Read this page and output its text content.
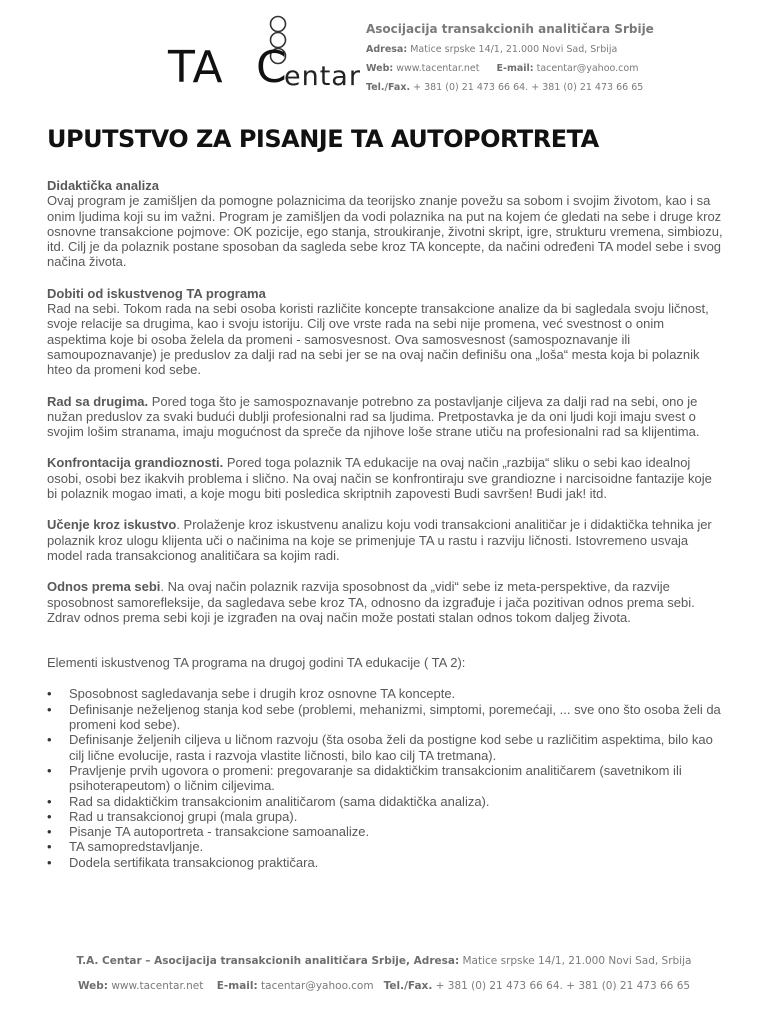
TA C
entar
Asocijacija transakcionih analitičara Srbije
Adresa: Matice srpske 14/1, 21.000 Novi Sad, Srbija
Web: www.tacentar.net E-mail: tacentar@yahoo.com
Tel./Fax. + 381 (0) 21 473 66 64. + 381 (0) 21 473 66 65
UPUTSTVO ZA PISANJE TA AUTOPORTRETA

Didaktička analiza
Ovaj program je zamišljen da pomogne polaznicima da teorijsko znanje povežu sa sobom i svojim životom, kao i sa onim ljudima koji su im važni. Program je zamišljen da vodi polaznika na put na kojem će gledati na sebe i druge kroz osnovne transakcione pojmove: OK pozicije, ego stanja, stroukiranje, životni skript, igre, strukturu vremena, simbiozu, itd. Cilj je da polaznik postane sposoban da sagleda sebe kroz TA koncepte, da načini određeni TA model sebe i svog načina života.

Dobiti od iskustvenog TA programa
Rad na sebi. Tokom rada na sebi osoba koristi različite koncepte transakcione analize da bi sagledala svoju ličnost, svoje relacije sa drugima, kao i svoju istoriju. Cilj ove vrste rada na sebi nije promena, već svestnost o onim aspektima koje bi osoba želela da promeni - samosvesnost. Ova samosvesnost (samospoznavanje ili samoupoznavanje) je preduslov za dalji rad na sebi jer se na ovaj način definišu ona „loša“ mesta koja bi polaznik hteo da promeni kod sebe.

Rad sa drugima. Pored toga što je samospoznavanje potrebno za postavljanje ciljeva za dalji rad na sebi, ono je nužan preduslov za svaki budući dublji profesionalni rad sa ljudima. Pretpostavka je da oni ljudi koji imaju svest o svojim lošim stranama, imaju mogućnost da spreče da njihove loše strane utiču na profesionalni rad sa klijentima.

Konfrontacija grandioznosti. Pored toga polaznik TA edukacije na ovaj način „razbija“ sliku o sebi kao idealnoj osobi, osobi bez ikakvih problema i slično. Na ovaj način se konfrontiraju sve grandiozne i narcisoidne fantazije koje bi polaznik mogao imati, a koje mogu biti posledica skriptnih zapovesti Budi savršen! Budi jak! itd.

Učenje kroz iskustvo. Prolaženje kroz iskustvenu analizu koju vodi transakcioni analitičar je i didaktička tehnika jer polaznik kroz ulogu klijenta uči o načinima na koje se primenjuje TA u rastu i razviju ličnosti. Istovremeno usvaja model rada transakcionog analitičara sa kojim radi.

Odnos prema sebi. Na ovaj način polaznik razvija sposobnost da „vidi“ sebe iz meta-perspektive, da razvije sposobnost samorefleksije, da sagledava sebe kroz TA, odnosno da izgrađuje i jača pozitivan odnos prema sebi. Zdrav odnos prema sebi koji je izgrađen na ovaj način može postati stalan odnos tokom daljeg života.

Elementi iskustvenog TA programa na drugoj godini TA edukacije ( TA 2):

• Sposobnost sagledavanja sebe i drugih kroz osnovne TA koncepte.
• Definisanje neželjenog stanja kod sebe (problemi, mehanizmi, simptomi, poremećaji, ... sve ono što osoba želi da promeni kod sebe).
• Definisanje željenih ciljeva u ličnom razvoju (šta osoba želi da postigne kod sebe u različitim aspektima, bilo kao cilj lične evolucije, rasta i razvoja vlastite ličnosti, bilo kao cilj TA tretmana).
• Pravljenje prvih ugovora o promeni: pregovaranje sa didaktičkim transakcionim analitičarem (savetnikom ili psihoterapeutom) o ličnim ciljevima.
• Rad sa didaktičkim transakcionim analitičarom (sama didaktička analiza).
• Rad u transakcionoj grupi (mala grupa).
• Pisanje TA autoportreta - transakcione samoanalize.
• TA samopredstavljanje.
• Dodela sertifikata transakcionog praktičara.
T.A. Centar – Asocijacija transakcionih analitičara Srbije, Adresa: Matice srpske 14/1, 21.000 Novi Sad, Srbija
Web: www.tacentar.net E-mail: tacentar@yahoo.com Tel./Fax. + 381 (0) 21 473 66 64. + 381 (0) 21 473 66 65
